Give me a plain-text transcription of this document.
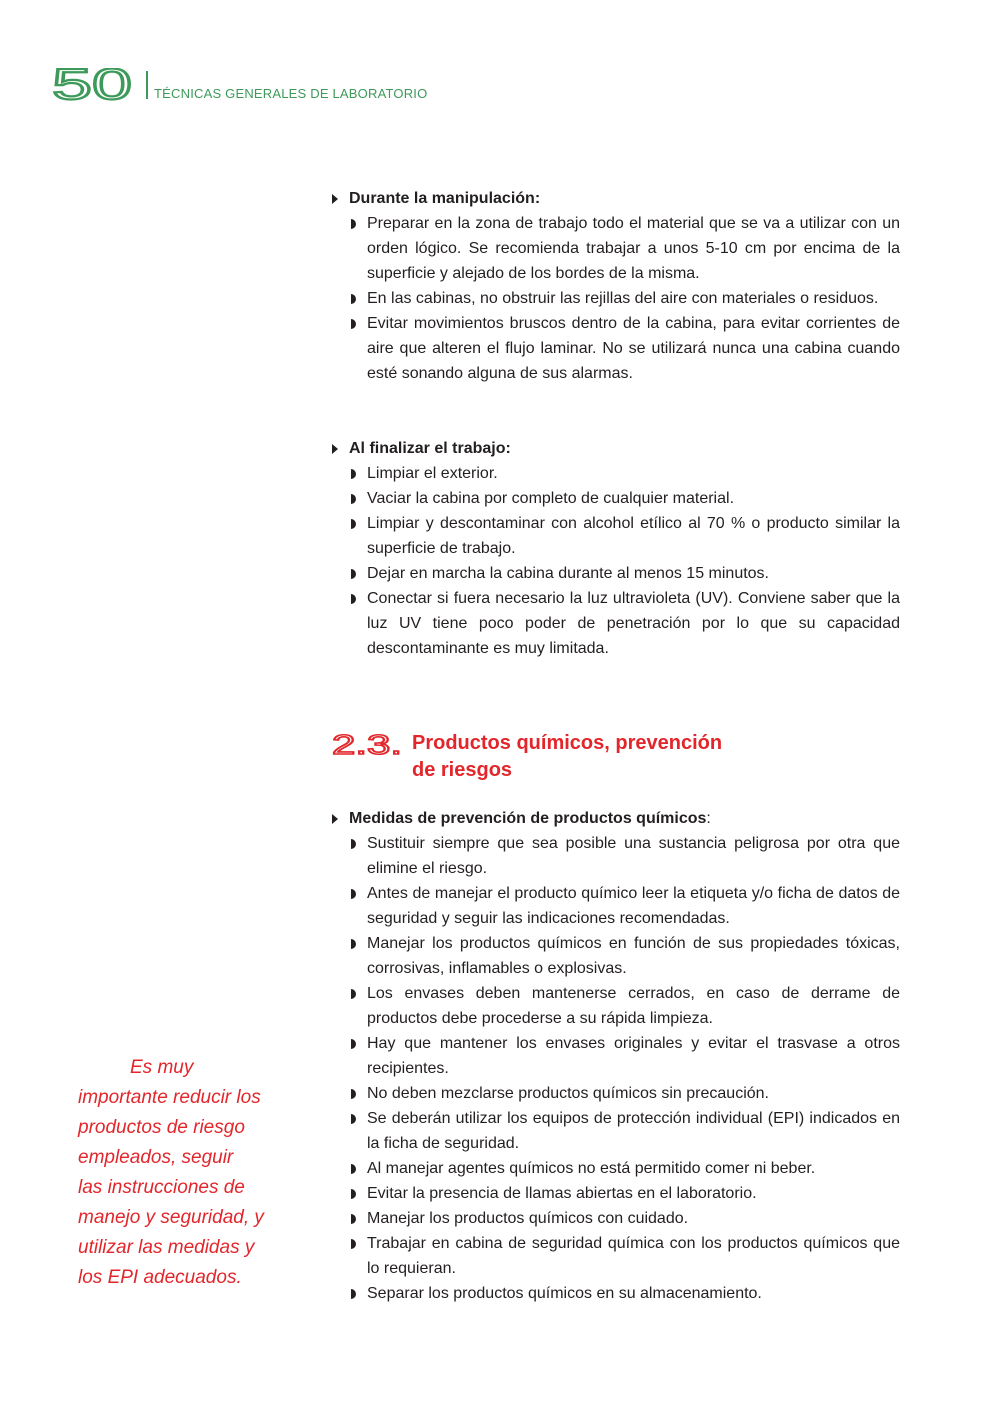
50 TÉCNICAS GENERALES DE LABORATORIO
Durante la manipulación:
Preparar en la zona de trabajo todo el material que se va a utilizar con un orden lógico. Se recomienda trabajar a unos 5-10 cm por encima de la superficie y alejado de los bordes de la misma.
En las cabinas, no obstruir las rejillas del aire con materiales o residuos.
Evitar movimientos bruscos dentro de la cabina, para evitar corrientes de aire que alteren el flujo laminar. No se utilizará nunca una cabina cuando esté sonando alguna de sus alarmas.
Al finalizar el trabajo:
Limpiar el exterior.
Vaciar la cabina por completo de cualquier material.
Limpiar y descontaminar con alcohol etílico al 70 % o producto similar la superficie de trabajo.
Dejar en marcha la cabina durante al menos 15 minutos.
Conectar si fuera necesario la luz ultravioleta (UV). Conviene saber que la luz UV tiene poco poder de penetración por lo que su capacidad descontaminante es muy limitada.
2.3. Productos químicos, prevención
de riesgos
Medidas de prevención de productos químicos:
Sustituir siempre que sea posible una sustancia peligrosa por otra que elimine el riesgo.
Antes de manejar el producto químico leer la etiqueta y/o ficha de datos de seguridad y seguir las indicaciones recomendadas.
Manejar los productos químicos en función de sus propiedades tóxicas, corrosivas, inflamables o explosivas.
Los envases deben mantenerse cerrados, en caso de derrame de productos debe procederse a su rápida limpieza.
Hay que mantener los envases originales y evitar el trasvase a otros recipientes.
No deben mezclarse productos químicos sin precaución.
Se deberán utilizar los equipos de protección individual (EPI) indicados en la ficha de seguridad.
Al manejar agentes químicos no está permitido comer ni beber.
Evitar la presencia de llamas abiertas en el laboratorio.
Manejar los productos químicos con cuidado.
Trabajar en cabina de seguridad química con los productos químicos que lo requieran.
Separar los productos químicos en su almacenamiento.
Es muy
importante reducir los
productos de riesgo
empleados, seguir
las instrucciones de
manejo y seguridad, y
utilizar las medidas y
los EPI adecuados.
